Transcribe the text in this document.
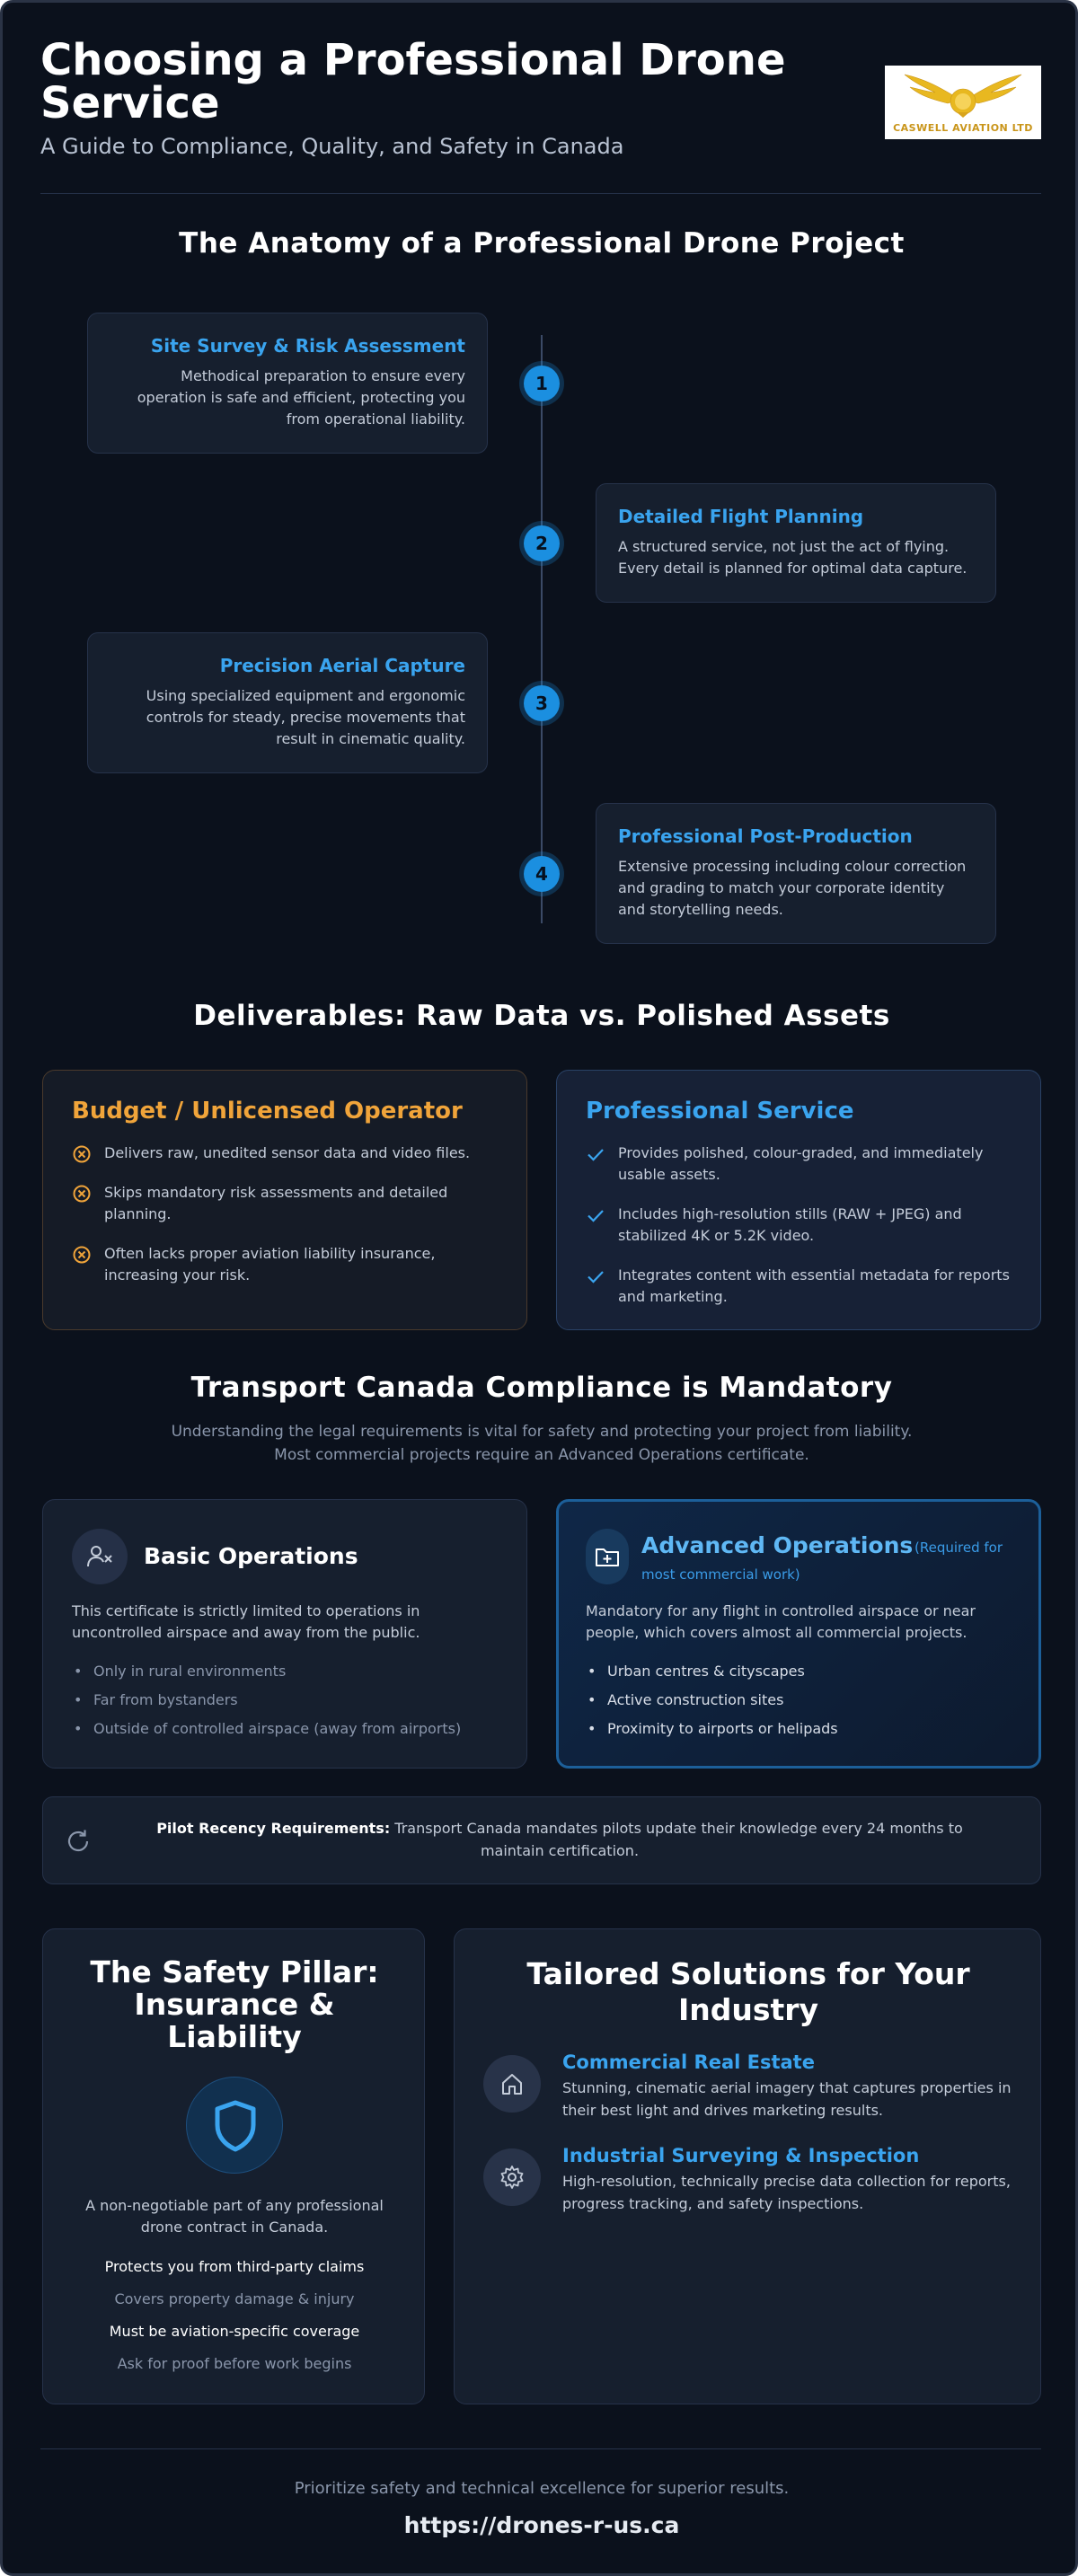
Choosing a Professional Drone Service
A Guide to Compliance, Quality, and Safety in Canada
CASWELL AVIATION LTD
The Anatomy of a Professional Drone Project
Site Survey & Risk Assessment
Methodical preparation to ensure every operation is safe and efficient, protecting you from operational liability.
1
Detailed Flight Planning
A structured service, not just the act of flying. Every detail is planned for optimal data capture.
2
Precision Aerial Capture
Using specialized equipment and ergonomic controls for steady, precise movements that result in cinematic quality.
3
Professional Post-Production
Extensive processing including colour correction and grading to match your corporate identity and storytelling needs.
4
Deliverables: Raw Data vs. Polished Assets
Budget / Unlicensed Operator
Delivers raw, unedited sensor data and video files.
Skips mandatory risk assessments and detailed planning.
Often lacks proper aviation liability insurance, increasing your risk.
Professional Service
Provides polished, colour-graded, and immediately usable assets.
Includes high-resolution stills (RAW + JPEG) and stabilized 4K or 5.2K video.
Integrates content with essential metadata for reports and marketing.
Transport Canada Compliance is Mandatory
Understanding the legal requirements is vital for safety and protecting your project from liability. Most commercial projects require an Advanced Operations certificate.
Basic Operations
This certificate is strictly limited to operations in uncontrolled airspace and away from the public.
• Only in rural environments
• Far from bystanders
• Outside of controlled airspace (away from airports)
Advanced Operations (Required for
most commercial work)
Mandatory for any flight in controlled airspace or near people, which covers almost all commercial projects.
• Urban centres & cityscapes
• Active construction sites
• Proximity to airports or helipads
Pilot Recency Requirements: Transport Canada mandates pilots update their knowledge every 24 months to maintain certification.
The Safety Pillar:
Insurance &
Liability
A non-negotiable part of any professional drone contract in Canada.
Protects you from third-party claims
Covers property damage & injury
Must be aviation-specific coverage
Ask for proof before work begins
Tailored Solutions for Your
Industry
Commercial Real Estate
Stunning, cinematic aerial imagery that captures properties in their best light and drives marketing results.
Industrial Surveying & Inspection
High-resolution, technically precise data collection for reports, progress tracking, and safety inspections.
Prioritize safety and technical excellence for superior results.
https://drones-r-us.ca
